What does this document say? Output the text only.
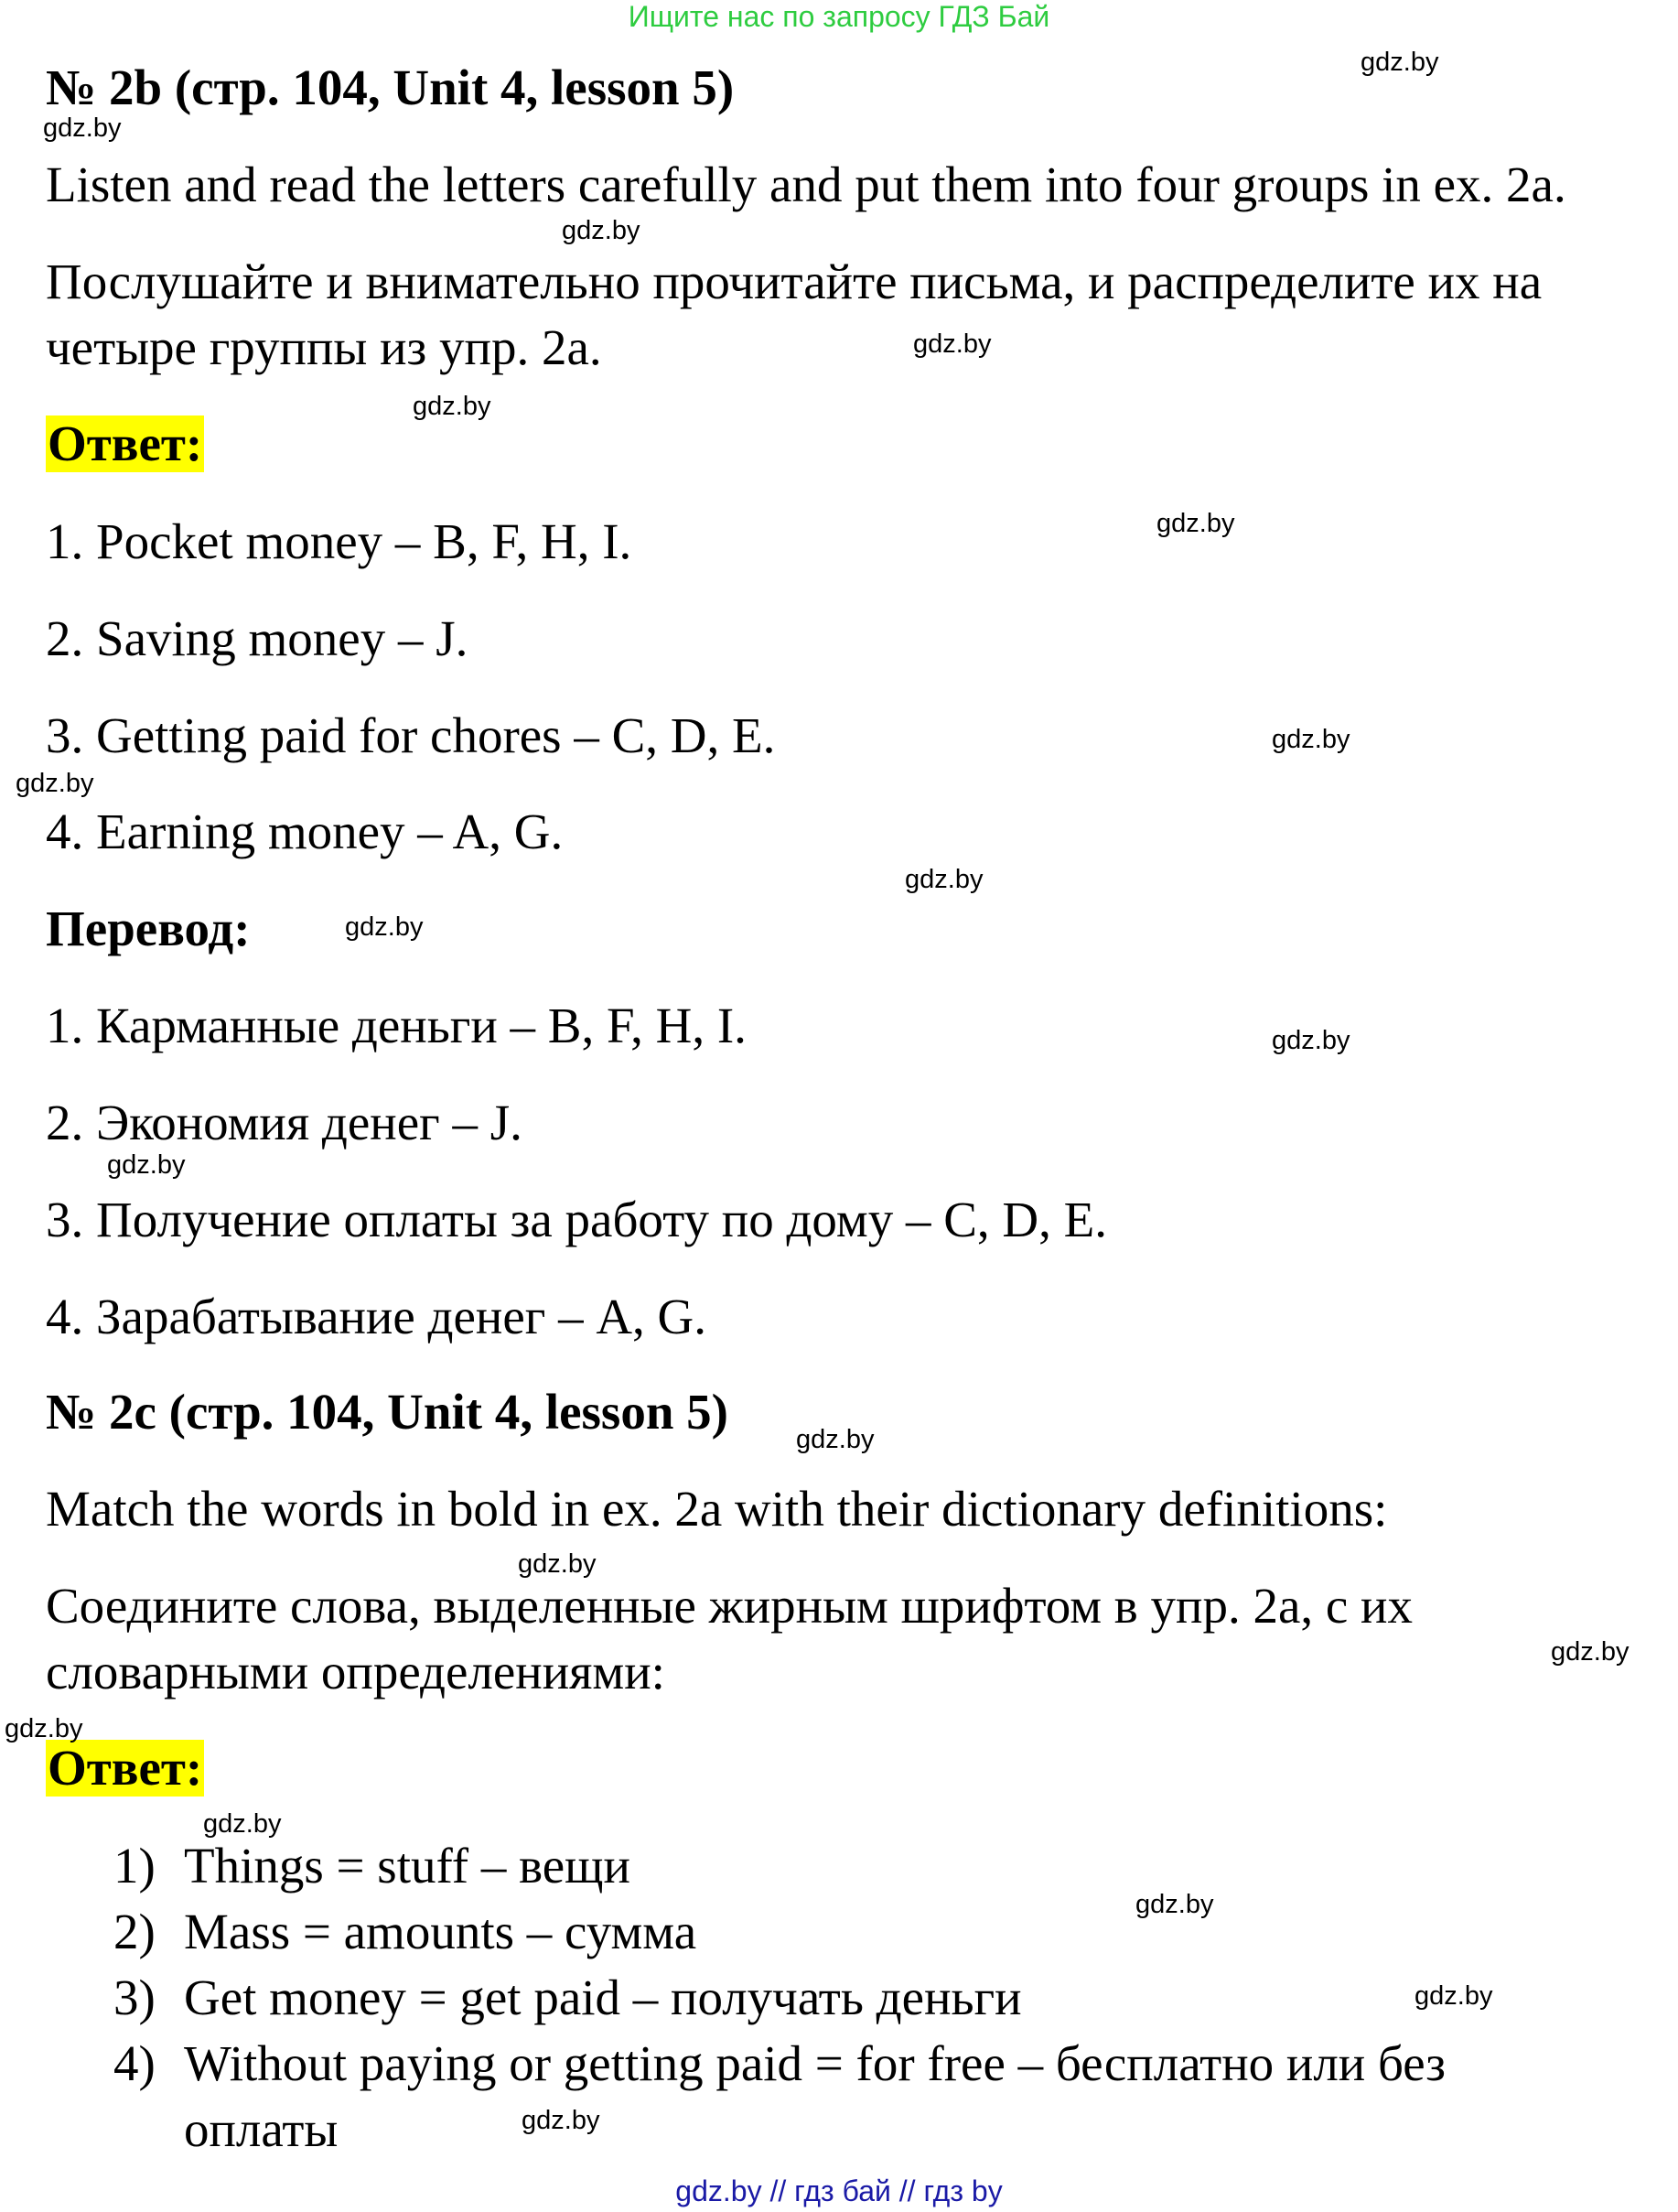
Ищите нас по запросу ГДЗ Бай
№ 2b (стр. 104, Unit 4, lesson 5)
Listen and read the letters carefully and put them into four groups in ex. 2a.
Послушайте и внимательно прочитайте письма, и распределите их на
четыре группы из упр. 2a.
Ответ:
1. Pocket money – B, F, H, I.
2. Saving money – J.
3. Getting paid for chores – C, D, E.
4. Earning money – A, G.
Перевод:
1. Карманные деньги – B, F, H, I.
2. Экономия денег – J.
3. Получение оплаты за работу по дому – C, D, E.
4. Зарабатывание денег – A, G.
№ 2c (стр. 104, Unit 4, lesson 5)
Match the words in bold in ex. 2a with their dictionary definitions:
Соедините слова, выделенные жирным шрифтом в упр. 2a, с их
словарными определениями:
Ответ:
1) Things = stuff – вещи
2) Mass = amounts – сумма
3) Get money = get paid – получать деньги
4) Without paying or getting paid = for free – бесплатно или без
оплаты
gdz.by
gdz.by
gdz.by
gdz.by
gdz.by
gdz.by
gdz.by
gdz.by
gdz.by
gdz.by
gdz.by
gdz.by
gdz.by
gdz.by
gdz.by
gdz.by
gdz.by
gdz.by
gdz.by
gdz.by
gdz.by // гдз бай // гдз by
